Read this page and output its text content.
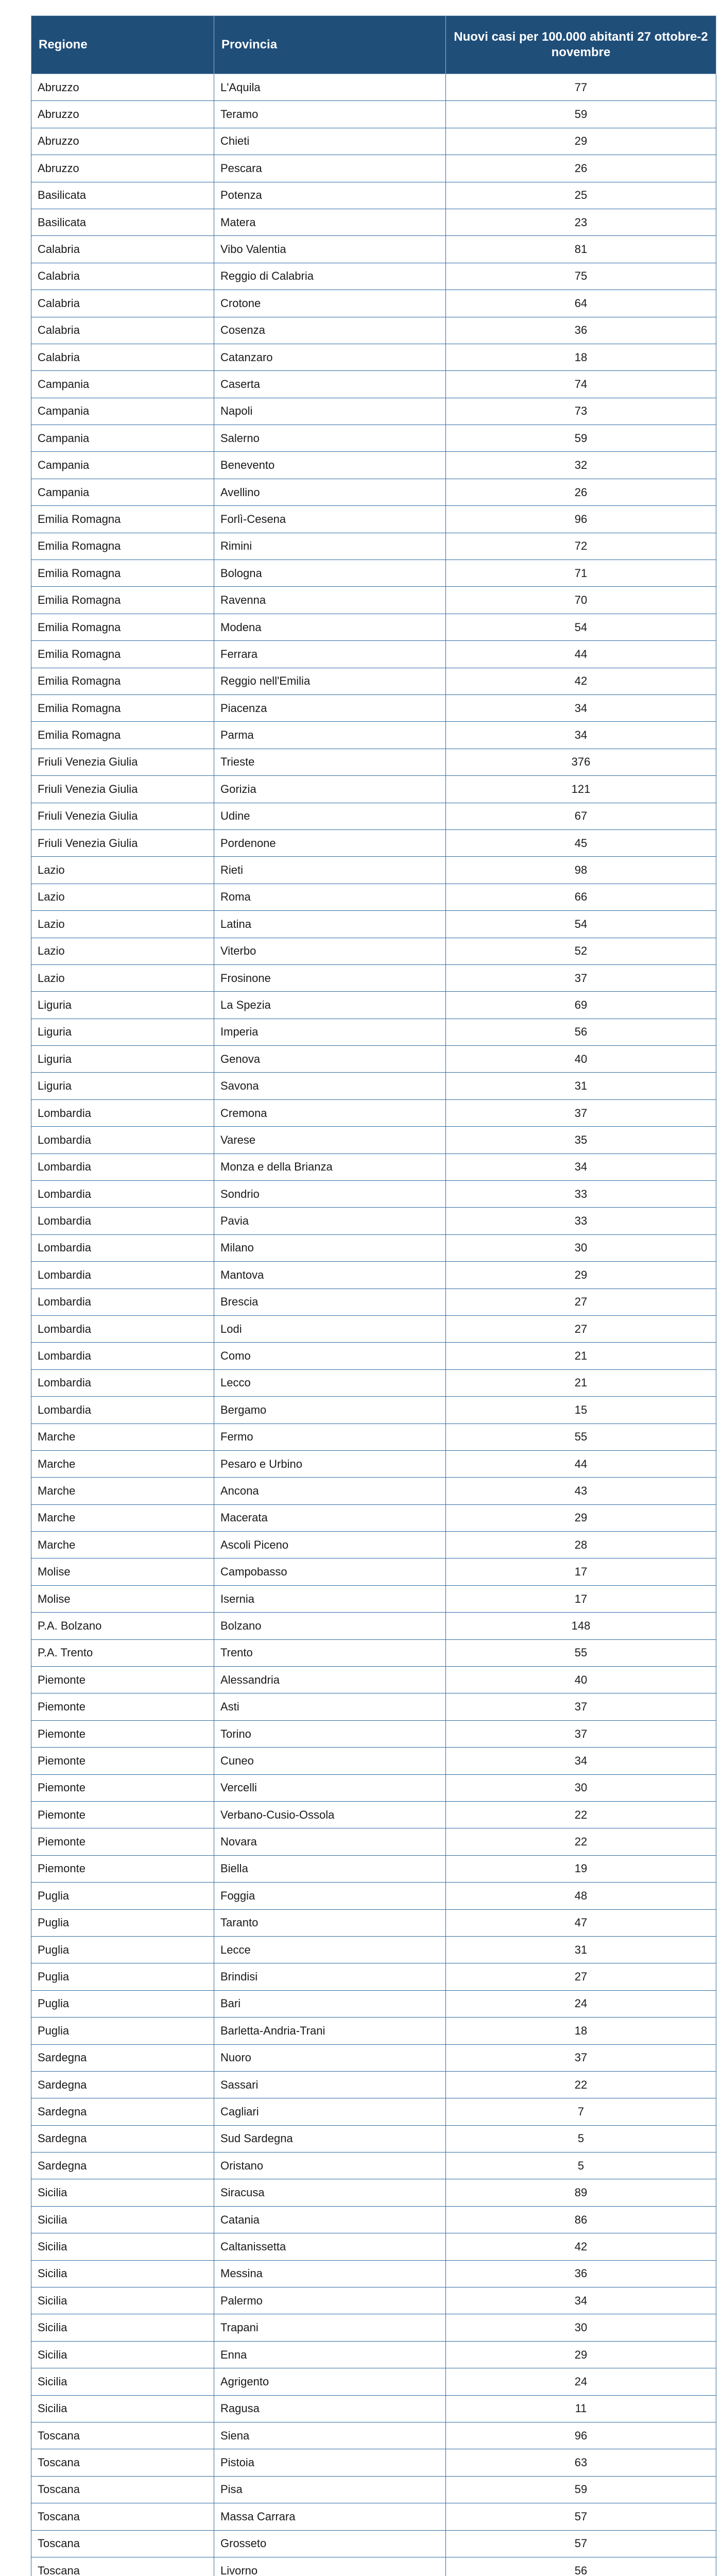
Regione	Provincia	Nuovi casi per 100.000 abitanti 27 ottobre-2 novembre
Abruzzo	L'Aquila	77
Abruzzo	Teramo	59
Abruzzo	Chieti	29
Abruzzo	Pescara	26
Basilicata	Potenza	25
Basilicata	Matera	23
Calabria	Vibo Valentia	81
Calabria	Reggio di Calabria	75
Calabria	Crotone	64
Calabria	Cosenza	36
Calabria	Catanzaro	18
Campania	Caserta	74
Campania	Napoli	73
Campania	Salerno	59
Campania	Benevento	32
Campania	Avellino	26
Emilia Romagna	Forlì-Cesena	96
Emilia Romagna	Rimini	72
Emilia Romagna	Bologna	71
Emilia Romagna	Ravenna	70
Emilia Romagna	Modena	54
Emilia Romagna	Ferrara	44
Emilia Romagna	Reggio nell'Emilia	42
Emilia Romagna	Piacenza	34
Emilia Romagna	Parma	34
Friuli Venezia Giulia	Trieste	376
Friuli Venezia Giulia	Gorizia	121
Friuli Venezia Giulia	Udine	67
Friuli Venezia Giulia	Pordenone	45
Lazio	Rieti	98
Lazio	Roma	66
Lazio	Latina	54
Lazio	Viterbo	52
Lazio	Frosinone	37
Liguria	La Spezia	69
Liguria	Imperia	56
Liguria	Genova	40
Liguria	Savona	31
Lombardia	Cremona	37
Lombardia	Varese	35
Lombardia	Monza e della Brianza	34
Lombardia	Sondrio	33
Lombardia	Pavia	33
Lombardia	Milano	30
Lombardia	Mantova	29
Lombardia	Brescia	27
Lombardia	Lodi	27
Lombardia	Como	21
Lombardia	Lecco	21
Lombardia	Bergamo	15
Marche	Fermo	55
Marche	Pesaro e Urbino	44
Marche	Ancona	43
Marche	Macerata	29
Marche	Ascoli Piceno	28
Molise	Campobasso	17
Molise	Isernia	17
P.A. Bolzano	Bolzano	148
P.A. Trento	Trento	55
Piemonte	Alessandria	40
Piemonte	Asti	37
Piemonte	Torino	37
Piemonte	Cuneo	34
Piemonte	Vercelli	30
Piemonte	Verbano-Cusio-Ossola	22
Piemonte	Novara	22
Piemonte	Biella	19
Puglia	Foggia	48
Puglia	Taranto	47
Puglia	Lecce	31
Puglia	Brindisi	27
Puglia	Bari	24
Puglia	Barletta-Andria-Trani	18
Sardegna	Nuoro	37
Sardegna	Sassari	22
Sardegna	Cagliari	7
Sardegna	Sud Sardegna	5
Sardegna	Oristano	5
Sicilia	Siracusa	89
Sicilia	Catania	86
Sicilia	Caltanissetta	42
Sicilia	Messina	36
Sicilia	Palermo	34
Sicilia	Trapani	30
Sicilia	Enna	29
Sicilia	Agrigento	24
Sicilia	Ragusa	11
Toscana	Siena	96
Toscana	Pistoia	63
Toscana	Pisa	59
Toscana	Massa Carrara	57
Toscana	Grosseto	57
Toscana	Livorno	56
